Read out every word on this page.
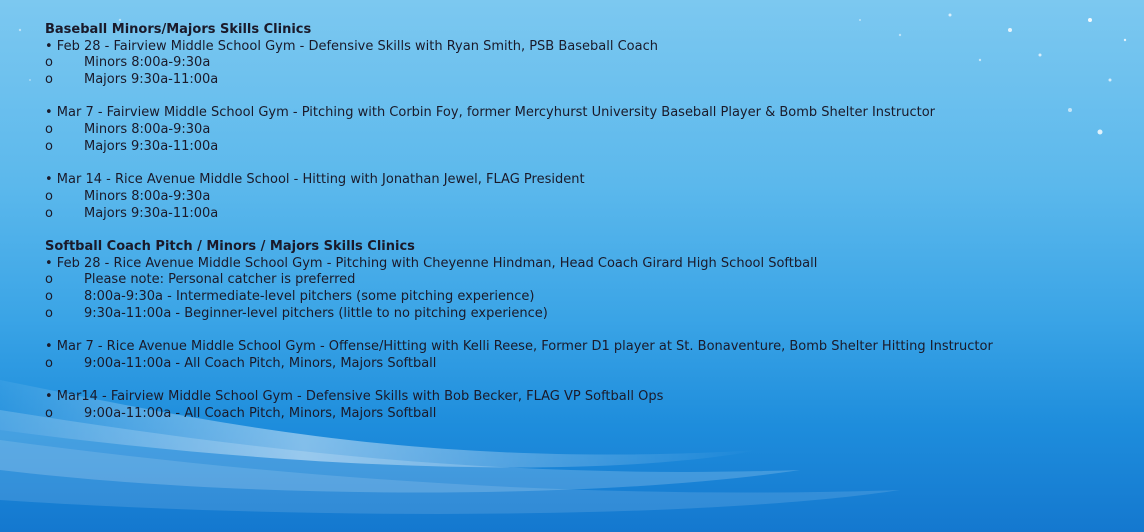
Baseball Minors/Majors Skills Clinics
• Feb 28 - Fairview Middle School Gym - Defensive Skills with Ryan Smith, PSB Baseball Coach
o Minors 8:00a-9:30a
o Majors 9:30a-11:00a
• Mar 7 - Fairview Middle School Gym - Pitching with Corbin Foy, former Mercyhurst University Baseball Player & Bomb Shelter Instructor
o Minors 8:00a-9:30a
o Majors 9:30a-11:00a
• Mar 14 - Rice Avenue Middle School - Hitting with Jonathan Jewel, FLAG President
o Minors 8:00a-9:30a
o Majors 9:30a-11:00a
Softball Coach Pitch / Minors / Majors Skills Clinics
• Feb 28 - Rice Avenue Middle School Gym - Pitching with Cheyenne Hindman, Head Coach Girard High School Softball
o Please note: Personal catcher is preferred
o 8:00a-9:30a - Intermediate-level pitchers (some pitching experience)
o 9:30a-11:00a - Beginner-level pitchers (little to no pitching experience)
• Mar 7 - Rice Avenue Middle School Gym - Offense/Hitting with Kelli Reese, Former D1 player at St. Bonaventure, Bomb Shelter Hitting Instructor
o 9:00a-11:00a - All Coach Pitch, Minors, Majors Softball
• Mar14 - Fairview Middle School Gym - Defensive Skills with Bob Becker, FLAG VP Softball Ops
o 9:00a-11:00a - All Coach Pitch, Minors, Majors Softball
